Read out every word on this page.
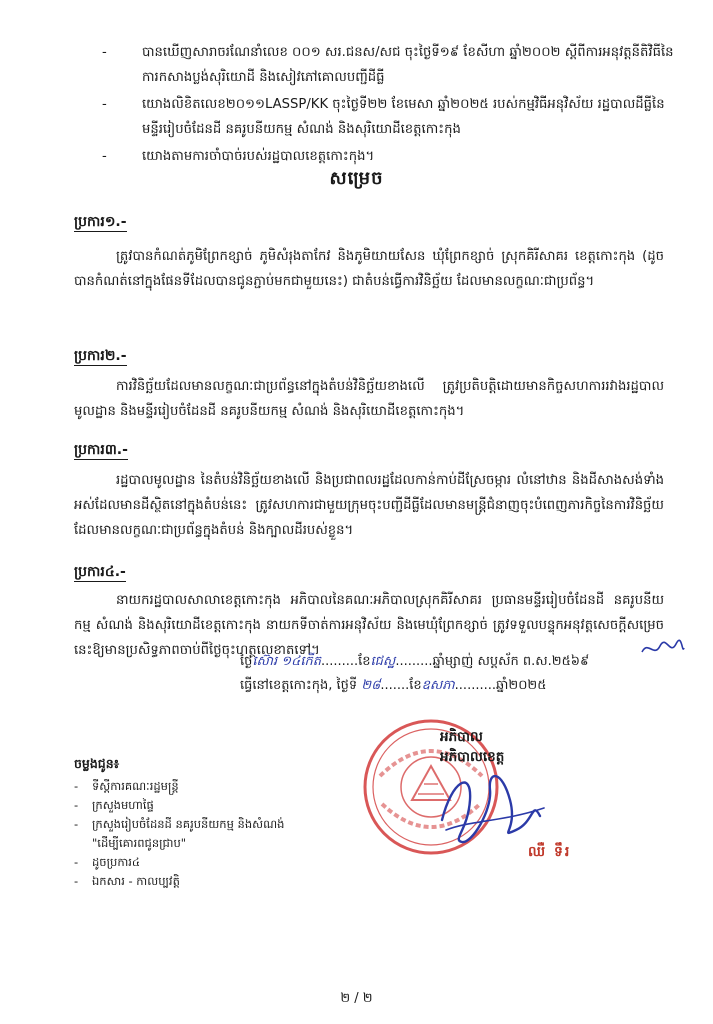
-	បានឃើញសារាចរណែនាំលេខ ០០១ សរ.ជនស/សជ ចុះថ្ងៃទី១៩ ខែសីហា ឆ្នាំ២០០២ ស្ដីពីការអនុវត្តនីតិវិធីនៃការកសាងប្លង់សុរិយោដី និងសៀវភៅគោលបញ្ជីដីធ្លី
-	យោងលិខិតលេខ២០១១LASSP/KK ចុះថ្ងៃទី២២ ខែមេសា ឆ្នាំ២០២៥ របស់កម្មវិធីអនុវិស័យ រដ្ឋបាលដីធ្លីនៃមន្ទីររៀបចំដែនដី នគរូបនីយកម្ម សំណង់ និងសុរិយោដីខេត្តកោះកុង
-	យោងតាមការចាំបាច់របស់រដ្ឋបាលខេត្តកោះកុង។
សម្រេច
ប្រការ១.-
ត្រូវបានកំណត់ភូមិព្រែកខ្សាច់ ភូមិសំរុងតាកែវ និងភូមិយាយសែន ឃុំព្រែកខ្សាច់ ស្រុកគិរីសាគរ ខេត្តកោះកុង (ដូចបានកំណត់នៅក្នុងផែនទីដែលបានជូនភ្ជាប់មកជាមួយនេះ) ជាតំបន់ធ្វើការវិនិច្ឆ័យ ដែលមានលក្ខណៈជាប្រព័ន្ធ។
ប្រការ២.-
ការវិនិច្ឆ័យដែលមានលក្ខណៈជាប្រព័ន្ធនៅក្នុងតំបន់វិនិច្ឆ័យខាងលើ ត្រូវប្រតិបត្តិដោយមានកិច្ចសហការរវាងរដ្ឋបាលមូលដ្ឋាន និងមន្ទីររៀបចំដែនដី នគរូបនីយកម្ម សំណង់ និងសុរិយោដីខេត្តកោះកុង។
ប្រការ៣.-
រដ្ឋបាលមូលដ្ឋាន នៃតំបន់វិនិច្ឆ័យខាងលើ និងប្រជាពលរដ្ឋដែលកាន់កាប់ដីស្រែចម្ការ លំនៅឋាន និងដីសាងសង់ទាំងអស់ដែលមានដីស្ថិតនៅក្នុងតំបន់នេះ ត្រូវសហការជាមួយក្រុមចុះបញ្ជីដីធ្លីដែលមានមន្ត្រីជំនាញចុះបំពេញភារកិច្ចនៃការវិនិច្ឆ័យដែលមានលក្ខណៈជាប្រព័ន្ធក្នុងតំបន់ និងក្បាលដីរបស់ខ្លួន។
ប្រការ៤.-
នាយករដ្ឋបាលសាលាខេត្តកោះកុង អភិបាលនៃគណៈអភិបាលស្រុកគិរីសាគរ ប្រធានមន្ទីររៀបចំដែនដី នគរូបនីយកម្ម សំណង់ និងសុរិយោដីខេត្តកោះកុង នាយកទីចាត់ការអនុវិស័យ និងមេឃុំព្រែកខ្សាច់ ត្រូវទទួលបន្ទុកអនុវត្តសេចក្ដីសម្រេចនេះឱ្យមានប្រសិទ្ធភាពចាប់ពីថ្ងៃចុះហត្ថលេខាតទៅ។
ថ្ងៃស៊ោរ ១៤កើត.........ខែជេស្ឋ.........ឆ្នាំម្សាញ់ សប្តស័ក ព.ស.២៥៦៩
ធ្វើនៅខេត្តកោះកុង, ថ្ងៃទី ២៨.......ខែឧសភា..........ឆ្នាំ២០២៥
អភិបាល
អភិបាលខេត្ត
ឈឺ ទឹរ
ចម្លងជូន៖
-	ទីស្ដីការគណៈរដ្ឋមន្ត្រី
-	ក្រសួងមហាផ្ទៃ
-	ក្រសួងរៀបចំដែនដី នគរូបនីយកម្ម និងសំណង់
"ដើម្បីគោរពជូនជ្រាប"
-	ដូចប្រការ៤
-	ឯកសារ - កាលប្បវត្តិ
២ / ២
